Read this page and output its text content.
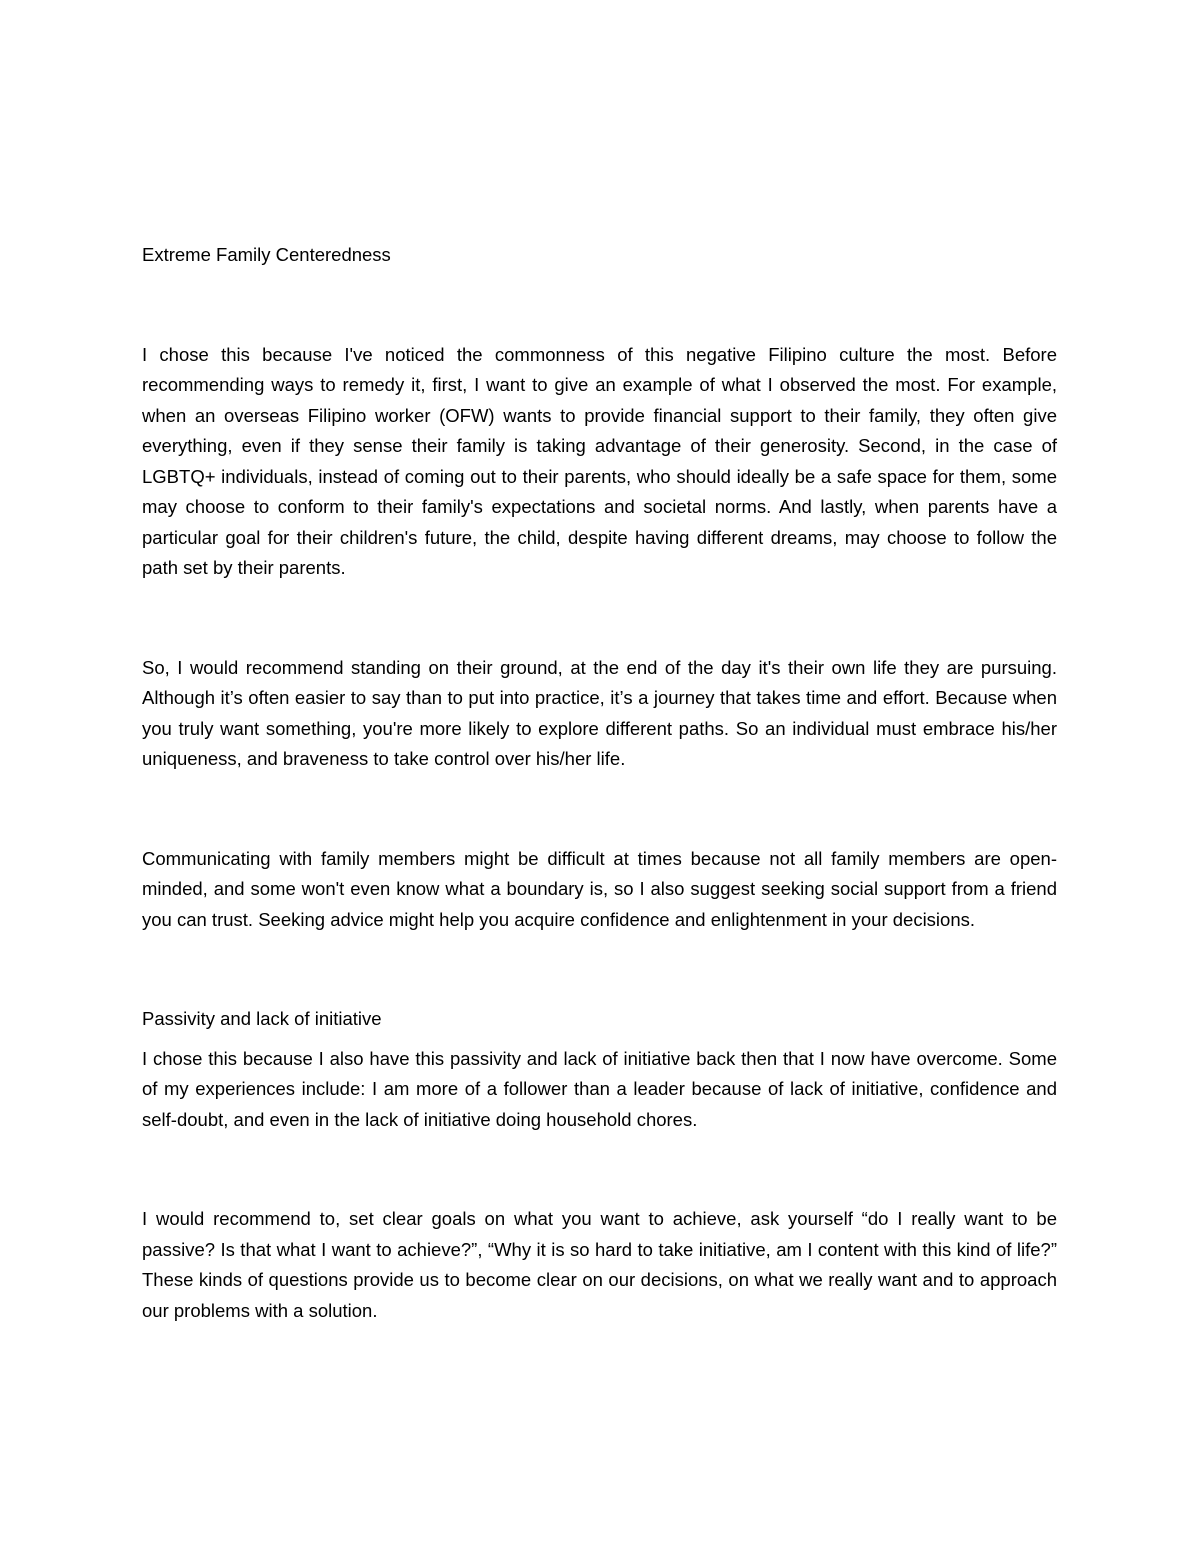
Extreme Family Centeredness

I chose this because I've noticed the commonness of this negative Filipino culture the most. Before recommending ways to remedy it, first, I want to give an example of what I observed the most. For example, when an overseas Filipino worker (OFW) wants to provide financial support to their family, they often give everything, even if they sense their family is taking advantage of their generosity. Second, in the case of LGBTQ+ individuals, instead of coming out to their parents, who should ideally be a safe space for them, some may choose to conform to their family's expectations and societal norms. And lastly, when parents have a particular goal for their children's future, the child, despite having different dreams, may choose to follow the path set by their parents.

So, I would recommend standing on their ground, at the end of the day it's their own life they are pursuing. Although it’s often easier to say than to put into practice, it’s a journey that takes time and effort. Because when you truly want something, you're more likely to explore different paths. So an individual must embrace his/her uniqueness, and braveness to take control over his/her life.

Communicating with family members might be difficult at times because not all family members are open-minded, and some won't even know what a boundary is, so I also suggest seeking social support from a friend you can trust. Seeking advice might help you acquire confidence and enlightenment in your decisions.

Passivity and lack of initiative

I chose this because I also have this passivity and lack of initiative back then that I now have overcome. Some of my experiences include: I am more of a follower than a leader because of lack of initiative, confidence and self-doubt, and even in the lack of initiative doing household chores.

I would recommend to, set clear goals on what you want to achieve, ask yourself “do I really want to be passive? Is that what I want to achieve?”, “Why it is so hard to take initiative, am I content with this kind of life?” These kinds of questions provide us to become clear on our decisions, on what we really want and to approach our problems with a solution.
